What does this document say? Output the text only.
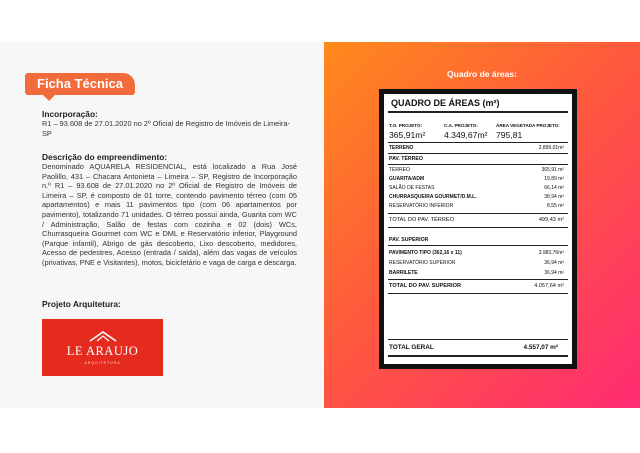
Ficha Técnica
Incorporação:

R1 – 93.608 de 27.01.2020 no 2º Oficial de Registro de Imóveis de Limeira-SP

Descrição do empreendimento:

Denominado AQUARELA RESIDENCIAL, está localizado a Rua José Paolillo, 431 – Chacara Antonieta – Limeira – SP, Registro de Incorporação n.º R1 – 93.608 de 27.01.2020 no 2º Oficial de Registro de Imóveis de Limeira – SP, é composto de 01 torre, contendo pavimento térreo (com 05 apartamentos) e mais 11 pavimentos tipo (com 06 apartamentos por pavimento), totalizando 71 unidades. O térreo possui ainda, Guarita com WC / Administração, Salão de festas com cozinha e 02 (dois) WCs, Churrasqueira Gourmet com WC e DML e Reservatório inferior, Playground (Parque infantil), Abrigo de gás descoberto, Lixo descoberto, medidores, Acesso de pedestres, Acesso (entrada / saida), além das vagas de veículos (privativas, PNE e Visitantes), motos, bicicletário e vaga de carga e descarga.

Projeto Arquitetura:
LE ARAUJO
ARQUITETURA
Quadro de áreas:
QUADRO DE ÁREAS (m²)
T.O. PROJETO:	C.A. PROJETO:	ÁREA VEGETADA PROJETO:
365,91m² 4.349,67m² 795,81
TERRENO	2.899,01m²
PAV. TÉRREO
TÉRREO	365,91 m²
GUARITA/ADM	19,89 m²
SALÃO DE FESTAS	66,14 m²
CHURRASQUEIRA GOURMET/D.M.L.	38,94 m²
RESERVATÓRIO INFERIOR	8,55 m²
TOTAL DO PAV. TÉRREO	499,43 m²
PAV. SUPERIOR
PAVIMENTO TIPO (362,16 x 11)	3.983,76m²
RESERVATÓRIO SUPERIOR	36,94 m²
BARRILETE	36,94 m²
TOTAL DO PAV. SUPERIOR	4.057,64 m²
TOTAL GERAL	4.557,07 m²
